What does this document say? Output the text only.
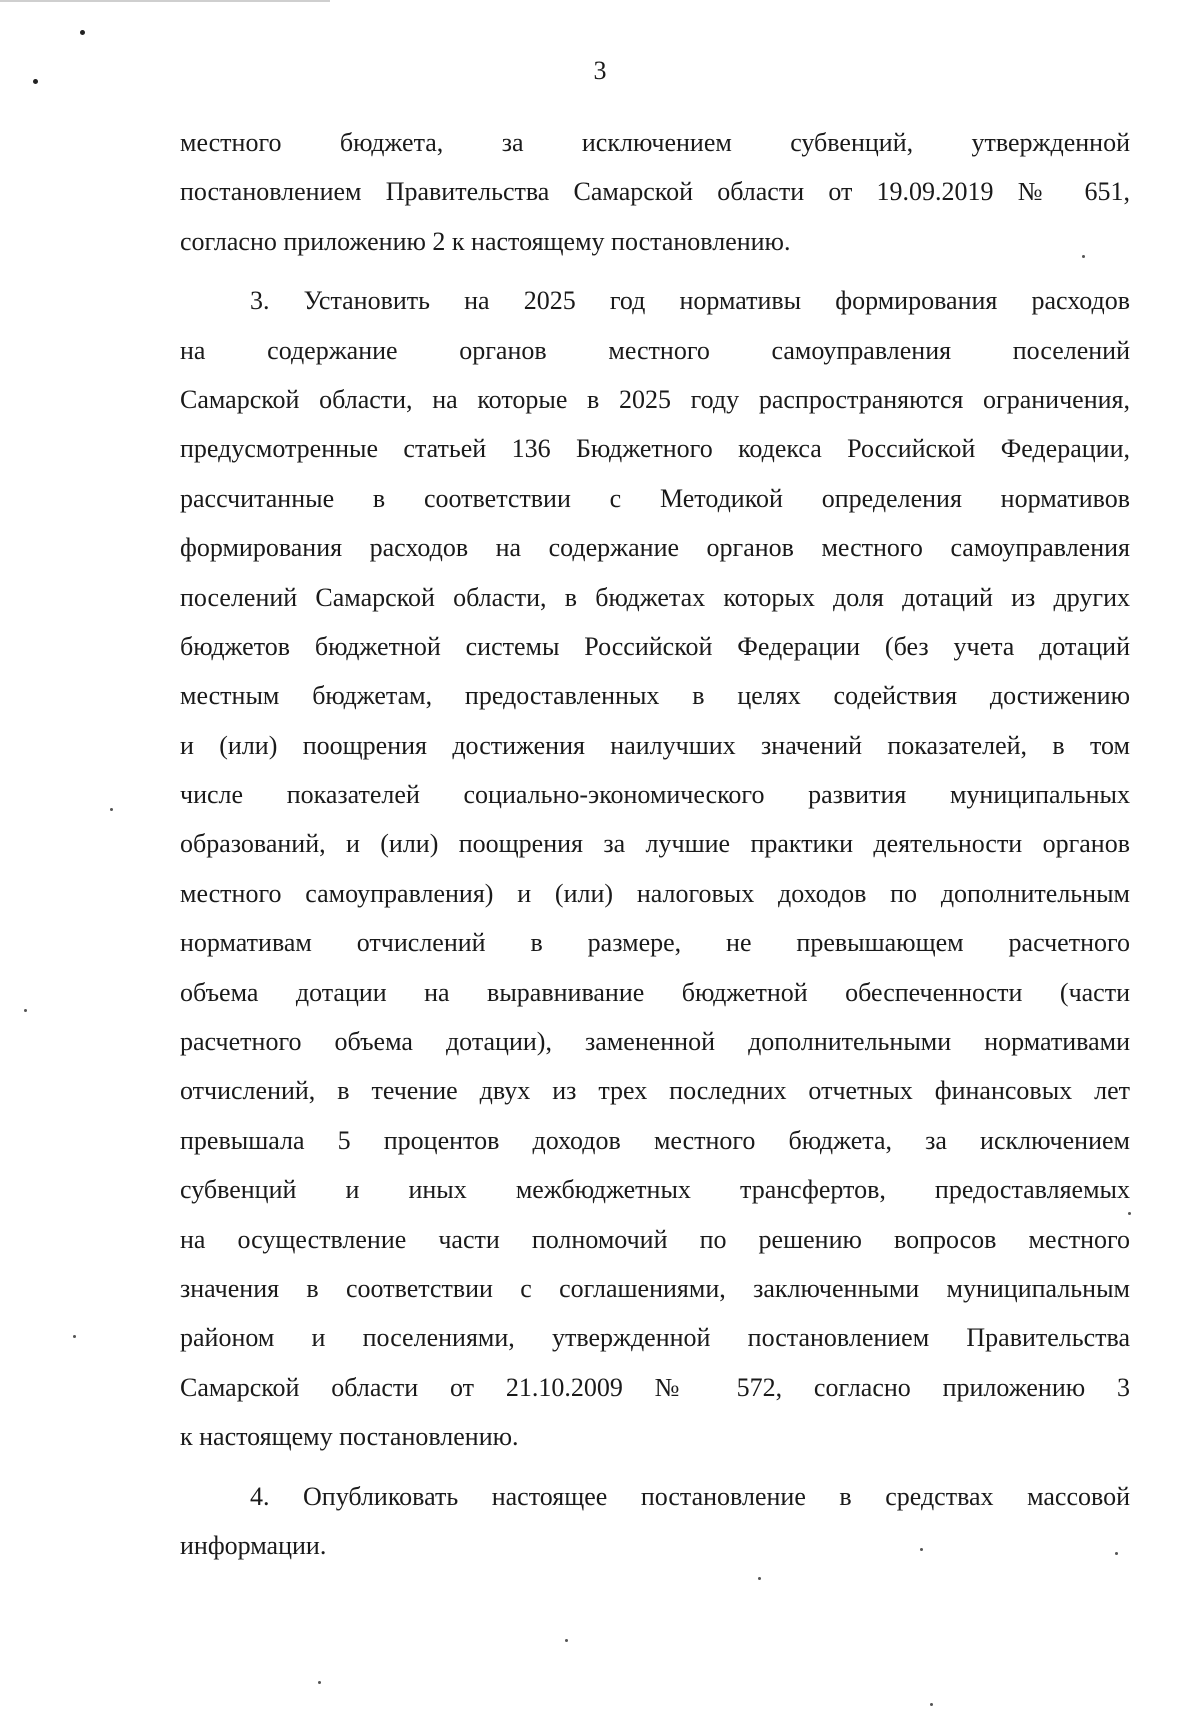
3
местного бюджета, за исключением субвенций, утвержденной
постановлением Правительства Самарской области от 19.09.2019 № 651,
согласно приложению 2 к настоящему постановлению.
3. Установить на 2025 год нормативы формирования расходов
на содержание органов местного самоуправления поселений
Самарской области, на которые в 2025 году распространяются ограничения,
предусмотренные статьей 136 Бюджетного кодекса Российской Федерации,
рассчитанные в соответствии с Методикой определения нормативов
формирования расходов на содержание органов местного самоуправления
поселений Самарской области, в бюджетах которых доля дотаций из других
бюджетов бюджетной системы Российской Федерации (без учета дотаций
местным бюджетам, предоставленных в целях содействия достижению
и (или) поощрения достижения наилучших значений показателей, в том
числе показателей социально-экономического развития муниципальных
образований, и (или) поощрения за лучшие практики деятельности органов
местного самоуправления) и (или) налоговых доходов по дополнительным
нормативам отчислений в размере, не превышающем расчетного
объема дотации на выравнивание бюджетной обеспеченности (части
расчетного объема дотации), замененной дополнительными нормативами
отчислений, в течение двух из трех последних отчетных финансовых лет
превышала 5 процентов доходов местного бюджета, за исключением
субвенций и иных межбюджетных трансфертов, предоставляемых
на осуществление части полномочий по решению вопросов местного
значения в соответствии с соглашениями, заключенными муниципальным
районом и поселениями, утвержденной постановлением Правительства
Самарской области от 21.10.2009 № 572, согласно приложению 3
к настоящему постановлению.
4. Опубликовать настоящее постановление в средствах массовой
информации.
